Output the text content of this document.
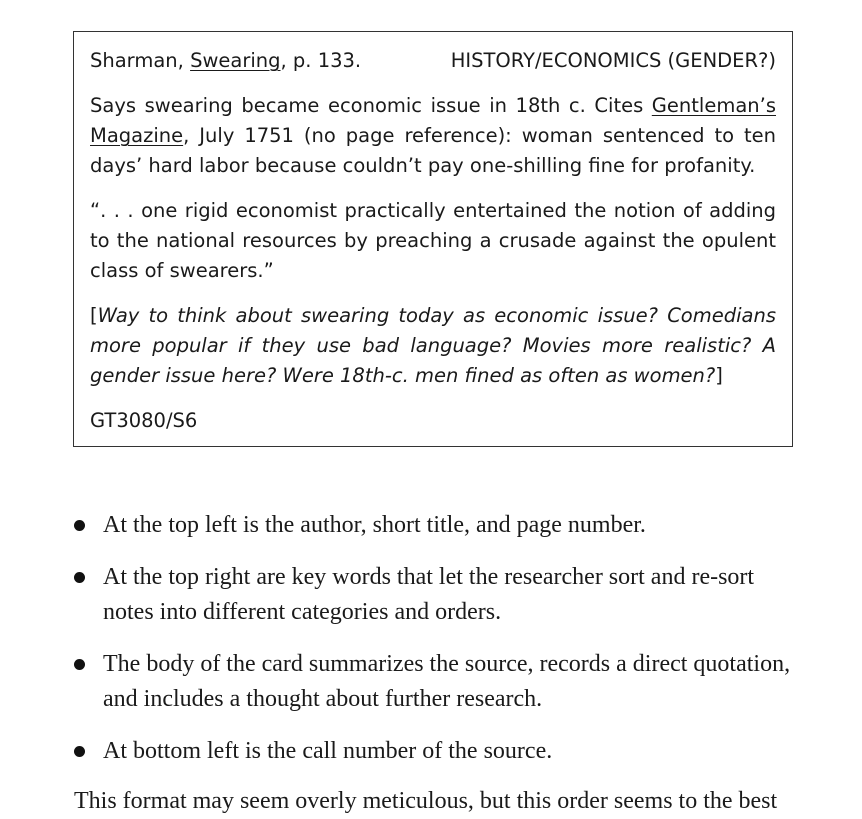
Sharman, Swearing, p. 133.	HISTORY/ECONOMICS (GENDER?)

Says swearing became economic issue in 18th c. Cites Gentleman’s Magazine, July 1751 (no page reference): woman sentenced to ten days’ hard labor because couldn’t pay one-shilling fine for profanity.

“. . . one rigid economist practically entertained the notion of adding to the national resources by preaching a crusade against the opulent class of swearers.”

[Way to think about swearing today as economic issue? Comedians more popular if they use bad language? Movies more realistic? A gender issue here? Were 18th-c. men fined as often as women?]

GT3080/S6

At the top left is the author, short title, and page number.
At the top right are key words that let the researcher sort and re-sort notes into different categories and orders.
The body of the card summarizes the source, records a direct quotation, and includes a thought about further research.
At bottom left is the call number of the source.

This format may seem overly meticulous, but this order seems to the best
